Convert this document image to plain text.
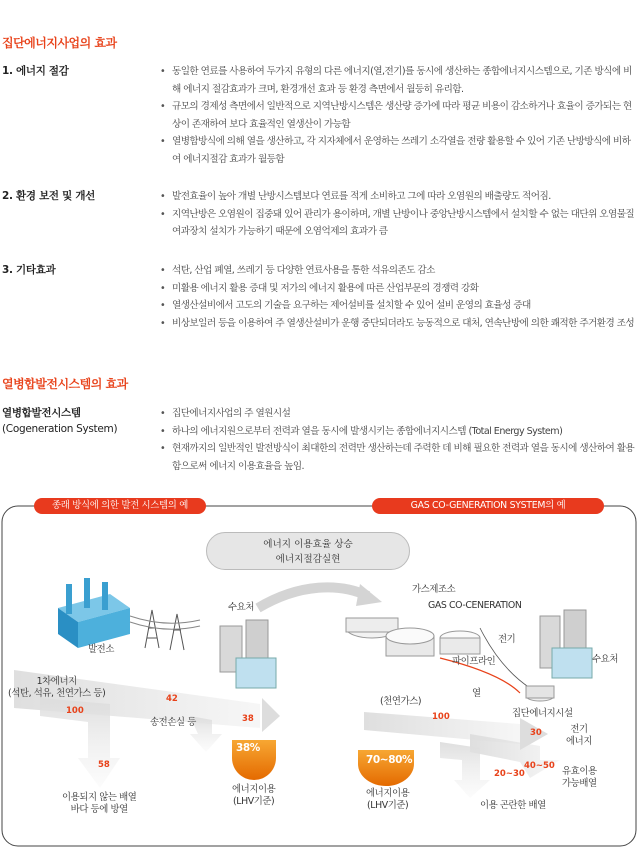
집단에너지사업의 효과
1. 에너지 절감	• 동일한 연료를 사용하여 두가지 유형의 다른 에너지(열,전기)를 동시에 생산하는 종합에너지시스템으로, 기존 방식에 비해 에너지 절감효과가 크며, 환경개선 효과 등 환경 측면에서 월등히 유리함.
• 규모의 경제성 측면에서 일반적으로 지역난방시스템은 생산량 증가에 따라 평균 비용이 감소하거나 효율이 증가되는 현상이 존재하여 보다 효율적인 열생산이 가능함
• 열병합방식에 의해 열을 생산하고, 각 지자체에서 운영하는 쓰레기 소각열을 전량 활용할 수 있어 기존 난방방식에 비하여 에너지절감 효과가 월등함
2. 환경 보전 및 개선	• 발전효율이 높아 개별 난방시스템보다 연료를 적게 소비하고 그에 따라 오염원의 배출량도 적어짐.
• 지역난방은 오염원이 집중돼 있어 관리가 용이하며, 개별 난방이나 중앙난방시스템에서 설치할 수 없는 대단위 오염물질 여과장치 설치가 가능하기 때문에 오염억제의 효과가 큼
3. 기타효과	• 석탄, 산업 폐열, 쓰레기 등 다양한 연료사용을 통한 석유의존도 감소
• 미활용 에너지 활용 증대 및 저가의 에너지 활용에 따른 산업부문의 경쟁력 강화
• 열생산설비에서 고도의 기술을 요구하는 제어설비를 설치할 수 있어 설비 운영의 효율성 증대
• 비상보일러 등을 이용하여 주 열생산설비가 운행 중단되더라도 능동적으로 대처, 연속난방에 의한 쾌적한 주거환경 조성
열병합발전시스템의 효과
열병합발전시스템
(Cogeneration System)
• 집단에너지사업의 주 열원시설
• 하나의 에너지원으로부터 전력과 열을 동시에 발생시키는 종합에너지시스템 (Total Energy System)
• 현재까지의 일반적인 발전방식이 최대한의 전력만 생산하는데 주력한 데 비해 필요한 전력과 열을 동시에 생산하여 활용함으로써 에너지 이용효율을 높임.
종래 방식에 의한 발전 시스템의 예	GAS CO-GENERATION SYSTEM의 예
에너지 이용효율 상승
에너지절감실현
발전소
수요처
1차에너지
(석탄, 석유, 천연가스 등)
100
42
38
58
송전손실 등
38%
에너지이용
(LHV기준)
이용되지 않는 배열
바다 등에 방열
가스제조소
GAS CO-CENERATION
전기
파이프라인	수요처
열
(천연가스)
집단에너지시설
100
30	전기
에너지
40~50
20~30	유효이용
가능배열
70~80%
에너지이용
(LHV기준)	이용 곤란한 배열
